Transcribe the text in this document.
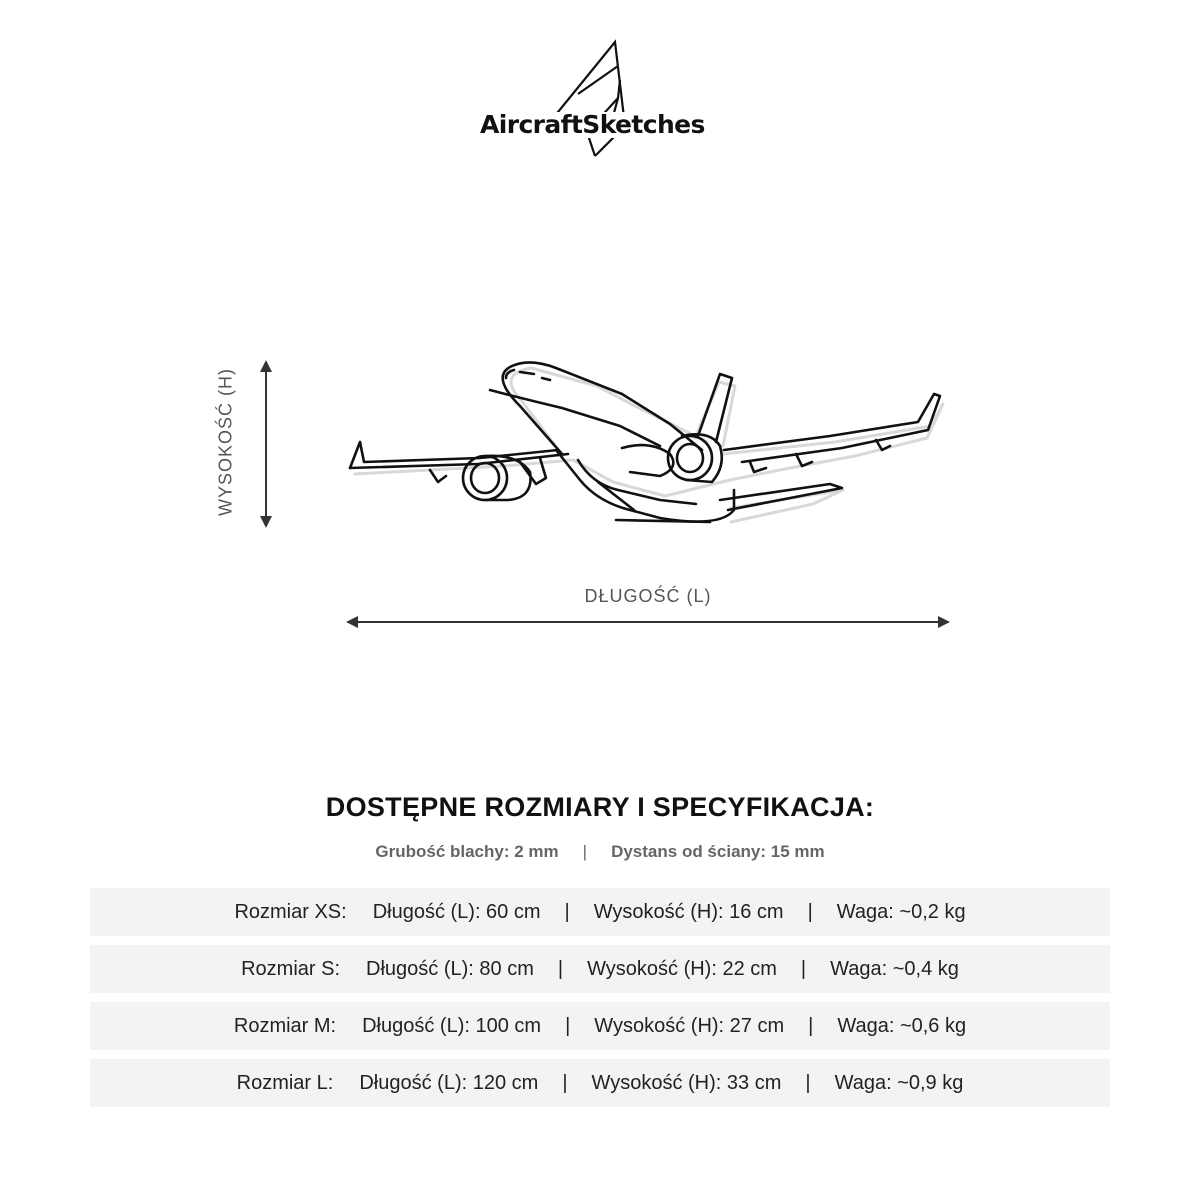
AircraftSketches
WYSOKOŚĆ (H)
DŁUGOŚĆ (L)
DOSTĘPNE ROZMIARY I SPECYFIKACJA:
Grubość blachy: 2 mm | Dystans od ściany: 15 mm
Rozmiar XS: Długość (L): 60 cm | Wysokość (H): 16 cm | Waga: ~0,2 kg
Rozmiar S: Długość (L): 80 cm | Wysokość (H): 22 cm | Waga: ~0,4 kg
Rozmiar M: Długość (L): 100 cm | Wysokość (H): 27 cm | Waga: ~0,6 kg
Rozmiar L: Długość (L): 120 cm | Wysokość (H): 33 cm | Waga: ~0,9 kg
